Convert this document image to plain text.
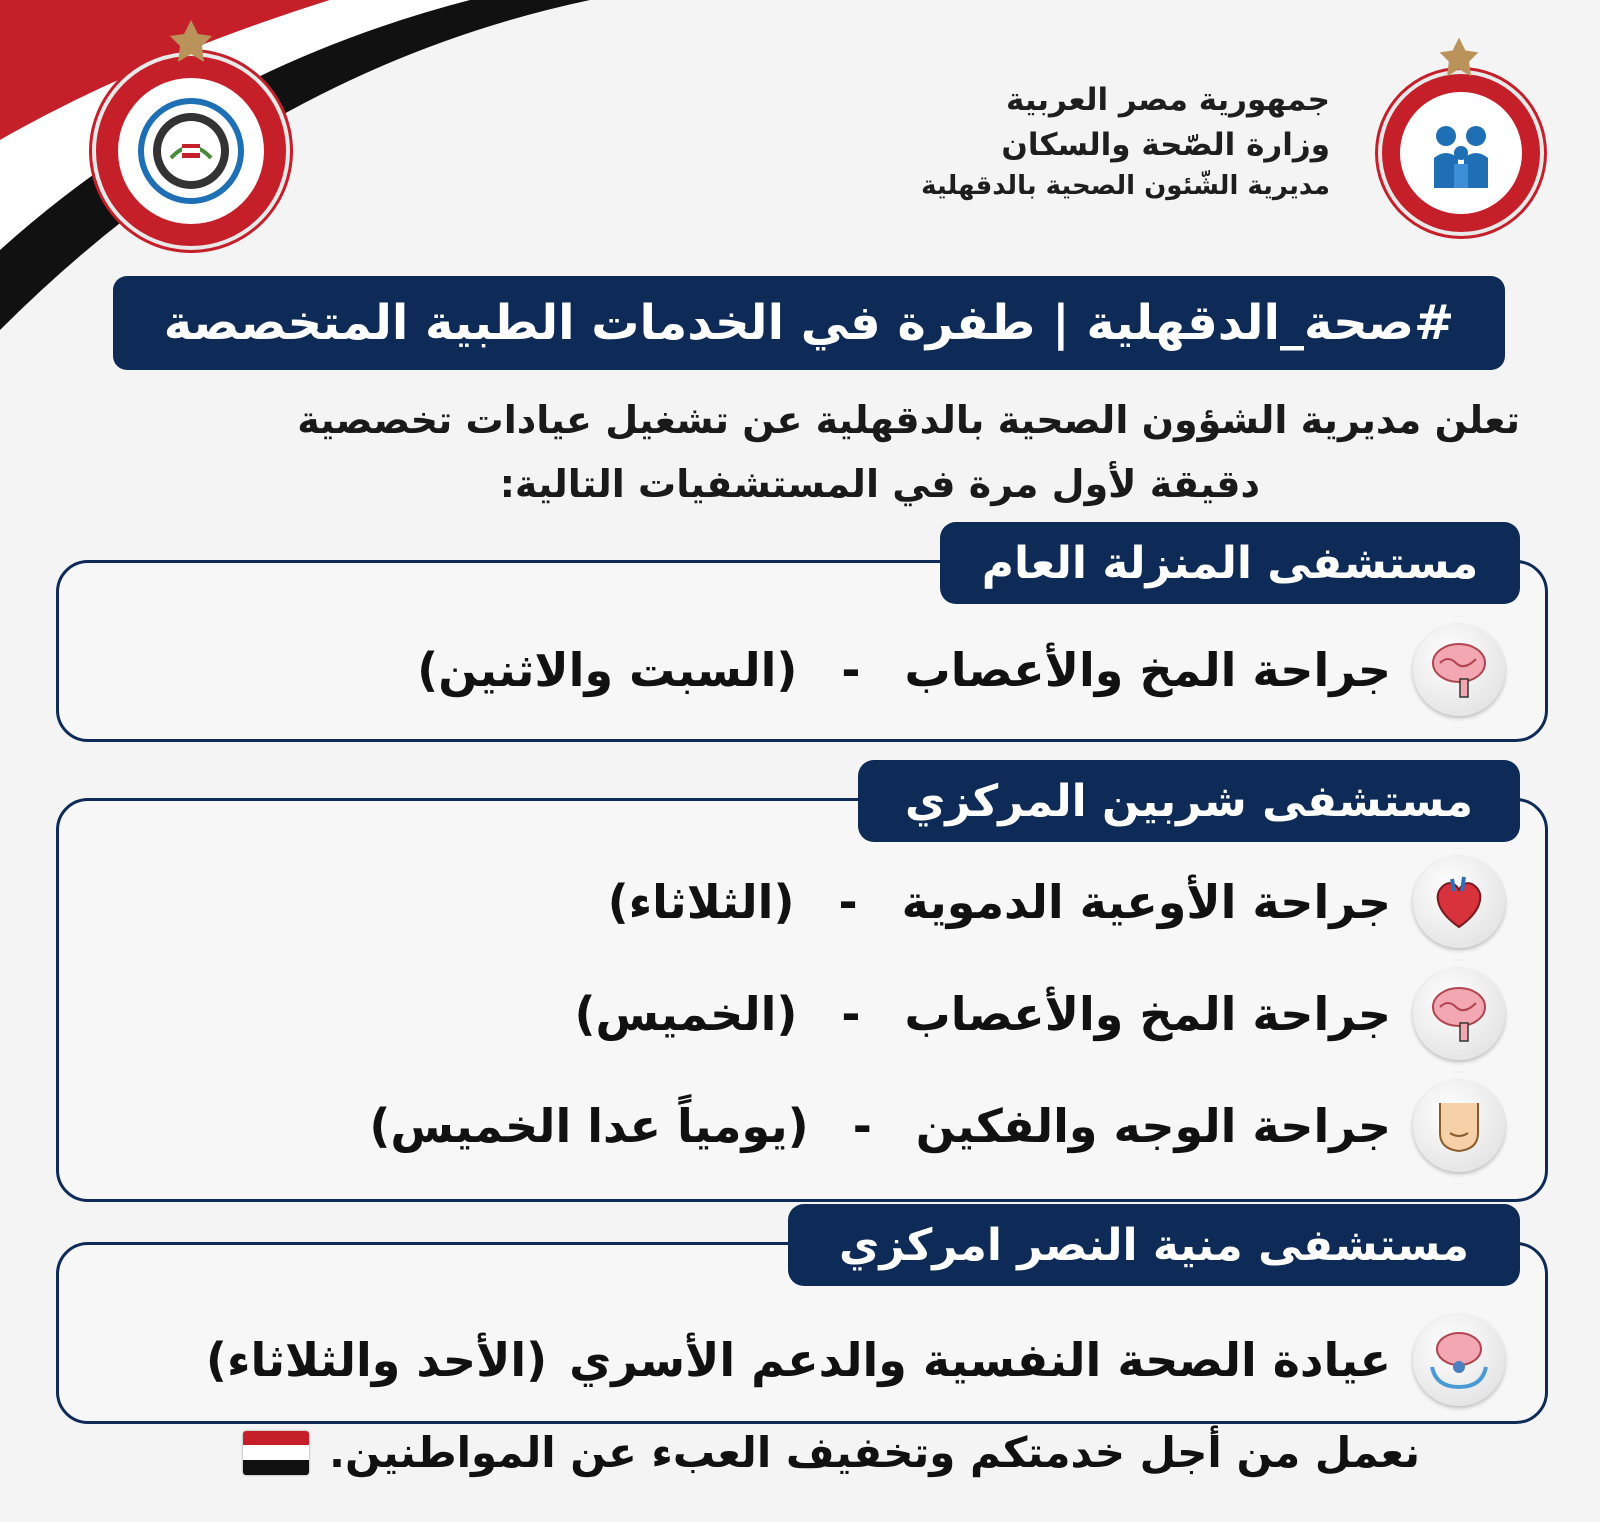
جمهورية مصر العربية
وزارة الصّحة والسكان
مديرية الشّئون الصحية بالدقهلية
#صحة_الدقهلية | طفرة في الخدمات الطبية المتخصصة
تعلن مديرية الشؤون الصحية بالدقهلية عن تشغيل عيادات تخصصية
دقيقة لأول مرة في المستشفيات التالية:
مستشفى المنزلة العام
جراحة المخ والأعصاب
-
(السبت والاثنين)
مستشفى شربين المركزي
جراحة الأوعية الدموية
-
(الثلاثاء)
جراحة المخ والأعصاب
-
(الخميس)
جراحة الوجه والفكين
-
(يومياً عدا الخميس)
مستشفى منية النصر امركزي
عيادة الصحة النفسية والدعم الأسري
(الأحد والثلاثاء)
نعمل من أجل خدمتكم وتخفيف العبء عن المواطنين.
